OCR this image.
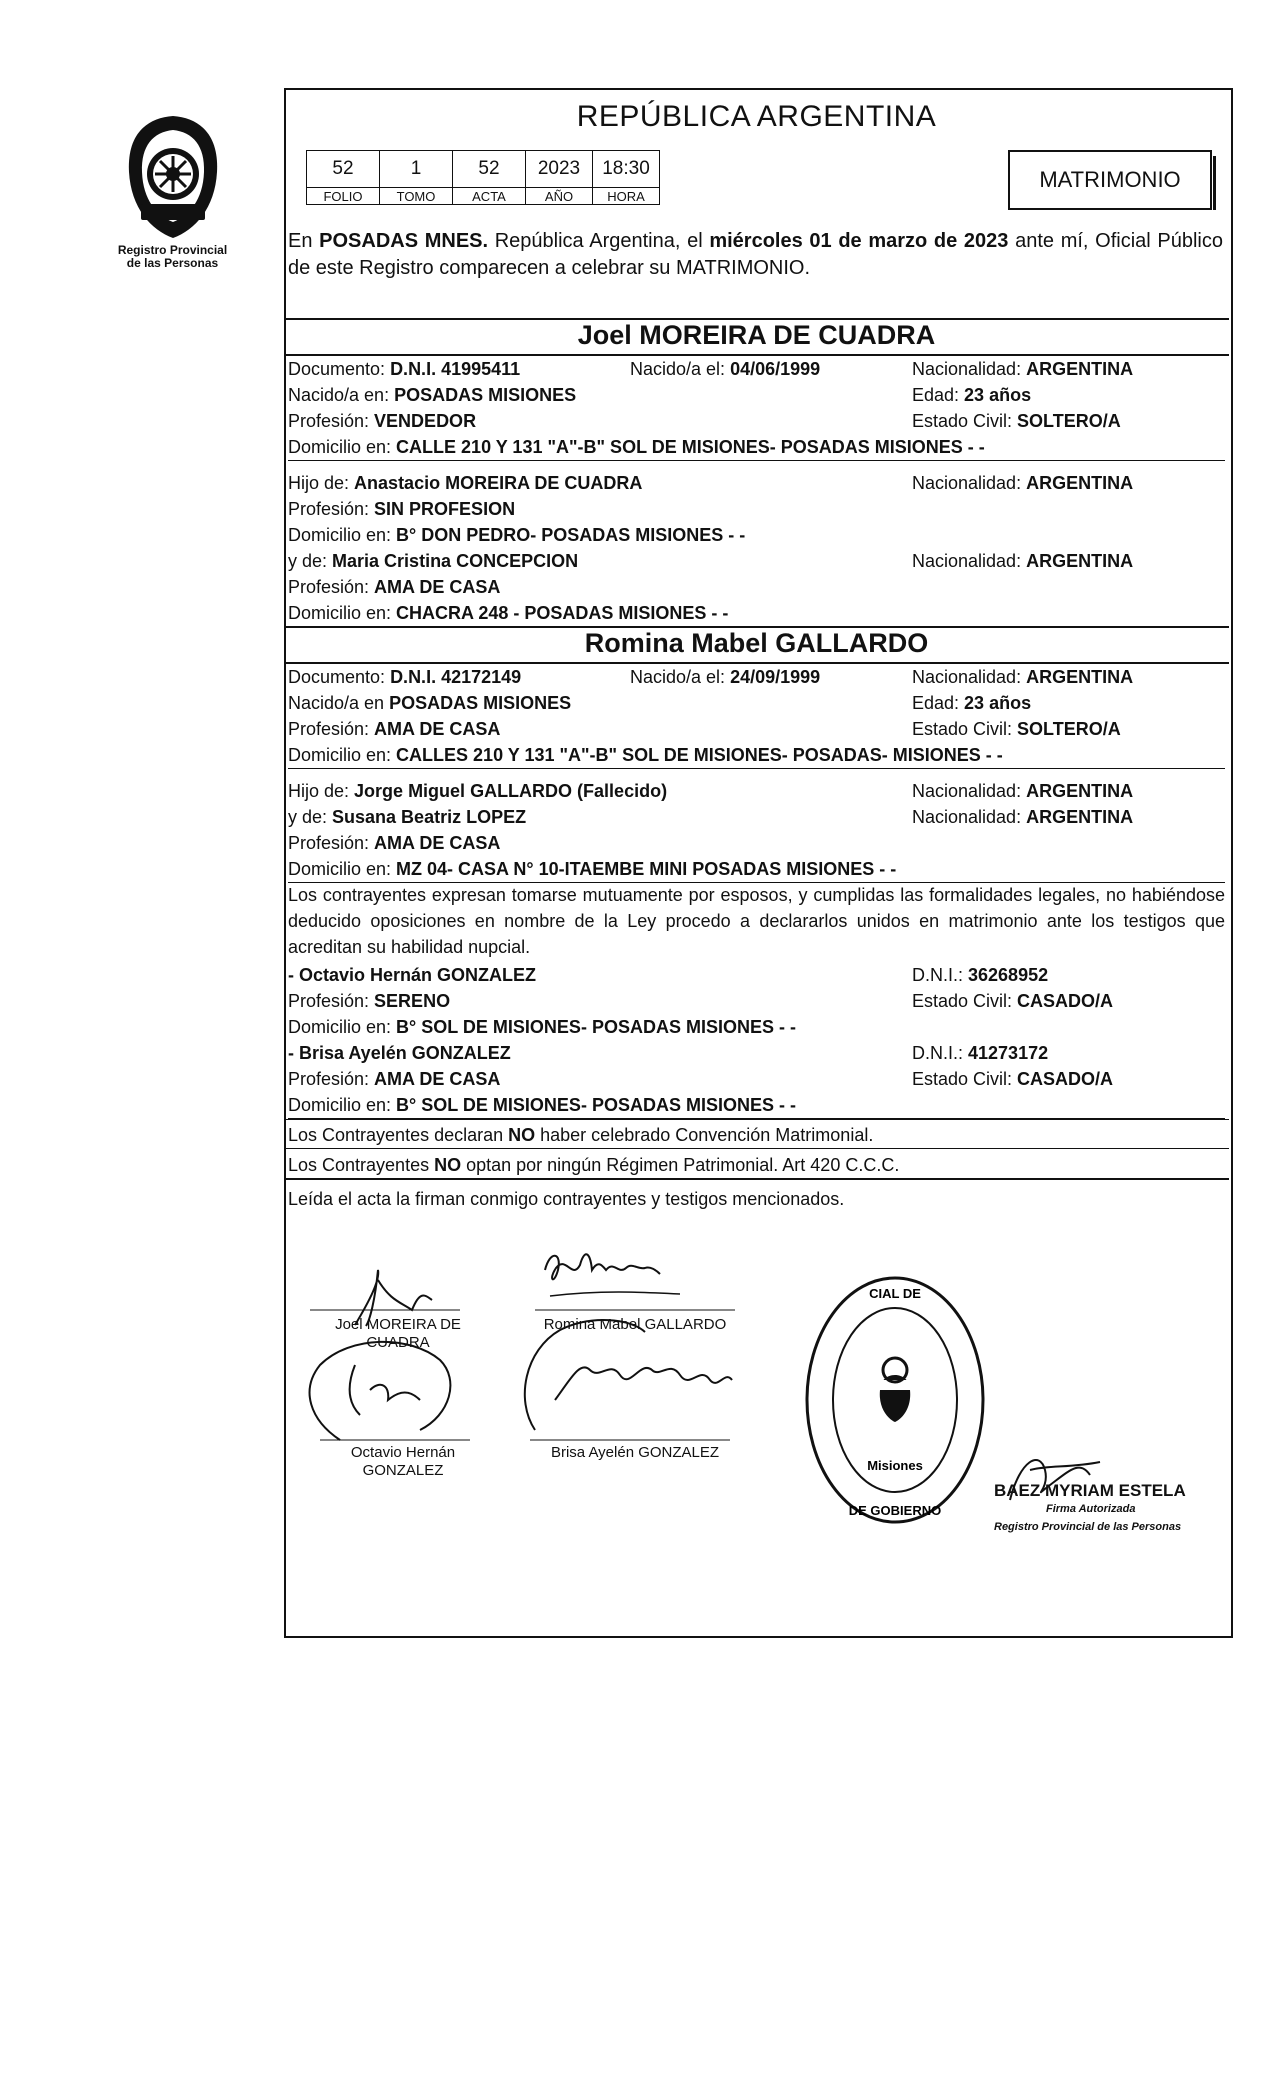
Registro Provincial
de las Personas
REPÚBLICA ARGENTINA
52	1	52	2023	18:30
FOLIO	TOMO	ACTA	AÑO	HORA
MATRIMONIO
En POSADAS MNES. República Argentina, el miércoles 01 de marzo de 2023 ante mí, Oficial Público de este Registro comparecen a celebrar su MATRIMONIO.
Joel MOREIRA DE CUADRA
Documento: D.N.I. 41995411	Nacido/a el: 04/06/1999	Nacionalidad: ARGENTINA
Nacido/a en: POSADAS MISIONES	Edad: 23 años
Profesión: VENDEDOR	Estado Civil: SOLTERO/A
Domicilio en: CALLE 210 Y 131 "A"-B" SOL DE MISIONES- POSADAS MISIONES - -
Hijo de: Anastacio MOREIRA DE CUADRA	Nacionalidad: ARGENTINA
Profesión: SIN PROFESION
Domicilio en: B° DON PEDRO- POSADAS MISIONES - -
y de: Maria Cristina CONCEPCION	Nacionalidad: ARGENTINA
Profesión: AMA DE CASA
Domicilio en: CHACRA 248 - POSADAS MISIONES - -
Romina Mabel GALLARDO
Documento: D.N.I. 42172149	Nacido/a el: 24/09/1999	Nacionalidad: ARGENTINA
Nacido/a en POSADAS MISIONES	Edad: 23 años
Profesión: AMA DE CASA	Estado Civil: SOLTERO/A
Domicilio en: CALLES 210 Y 131 "A"-B" SOL DE MISIONES- POSADAS- MISIONES - -
Hijo de: Jorge Miguel GALLARDO (Fallecido)	Nacionalidad: ARGENTINA
y de: Susana Beatriz LOPEZ	Nacionalidad: ARGENTINA
Profesión: AMA DE CASA
Domicilio en: MZ 04- CASA N° 10-ITAEMBE MINI POSADAS MISIONES - -
Los contrayentes expresan tomarse mutuamente por esposos, y cumplidas las formalidades legales, no habiéndose deducido oposiciones en nombre de la Ley procedo a declararlos unidos en matrimonio ante los testigos que acreditan su habilidad nupcial.
- Octavio Hernán GONZALEZ	D.N.I.: 36268952
Profesión: SERENO	Estado Civil: CASADO/A
Domicilio en: B° SOL DE MISIONES- POSADAS MISIONES - -
- Brisa Ayelén GONZALEZ	D.N.I.: 41273172
Profesión: AMA DE CASA	Estado Civil: CASADO/A
Domicilio en: B° SOL DE MISIONES- POSADAS MISIONES - -
Los Contrayentes declaran NO haber celebrado Convención Matrimonial.
Los Contrayentes NO optan por ningún Régimen Patrimonial. Art 420 C.C.C.
Leída el acta la firman conmigo contrayentes y testigos mencionados.
Joel MOREIRA DE
CUADRA
Romina Mabel GALLARDO
Octavio Hernán
GONZALEZ
Brisa Ayelén GONZALEZ
CIAL DE
DE GOBIERNO
Misiones
BAEZ MYRIAM ESTELA
Firma Autorizada
Registro Provincial de las Personas
